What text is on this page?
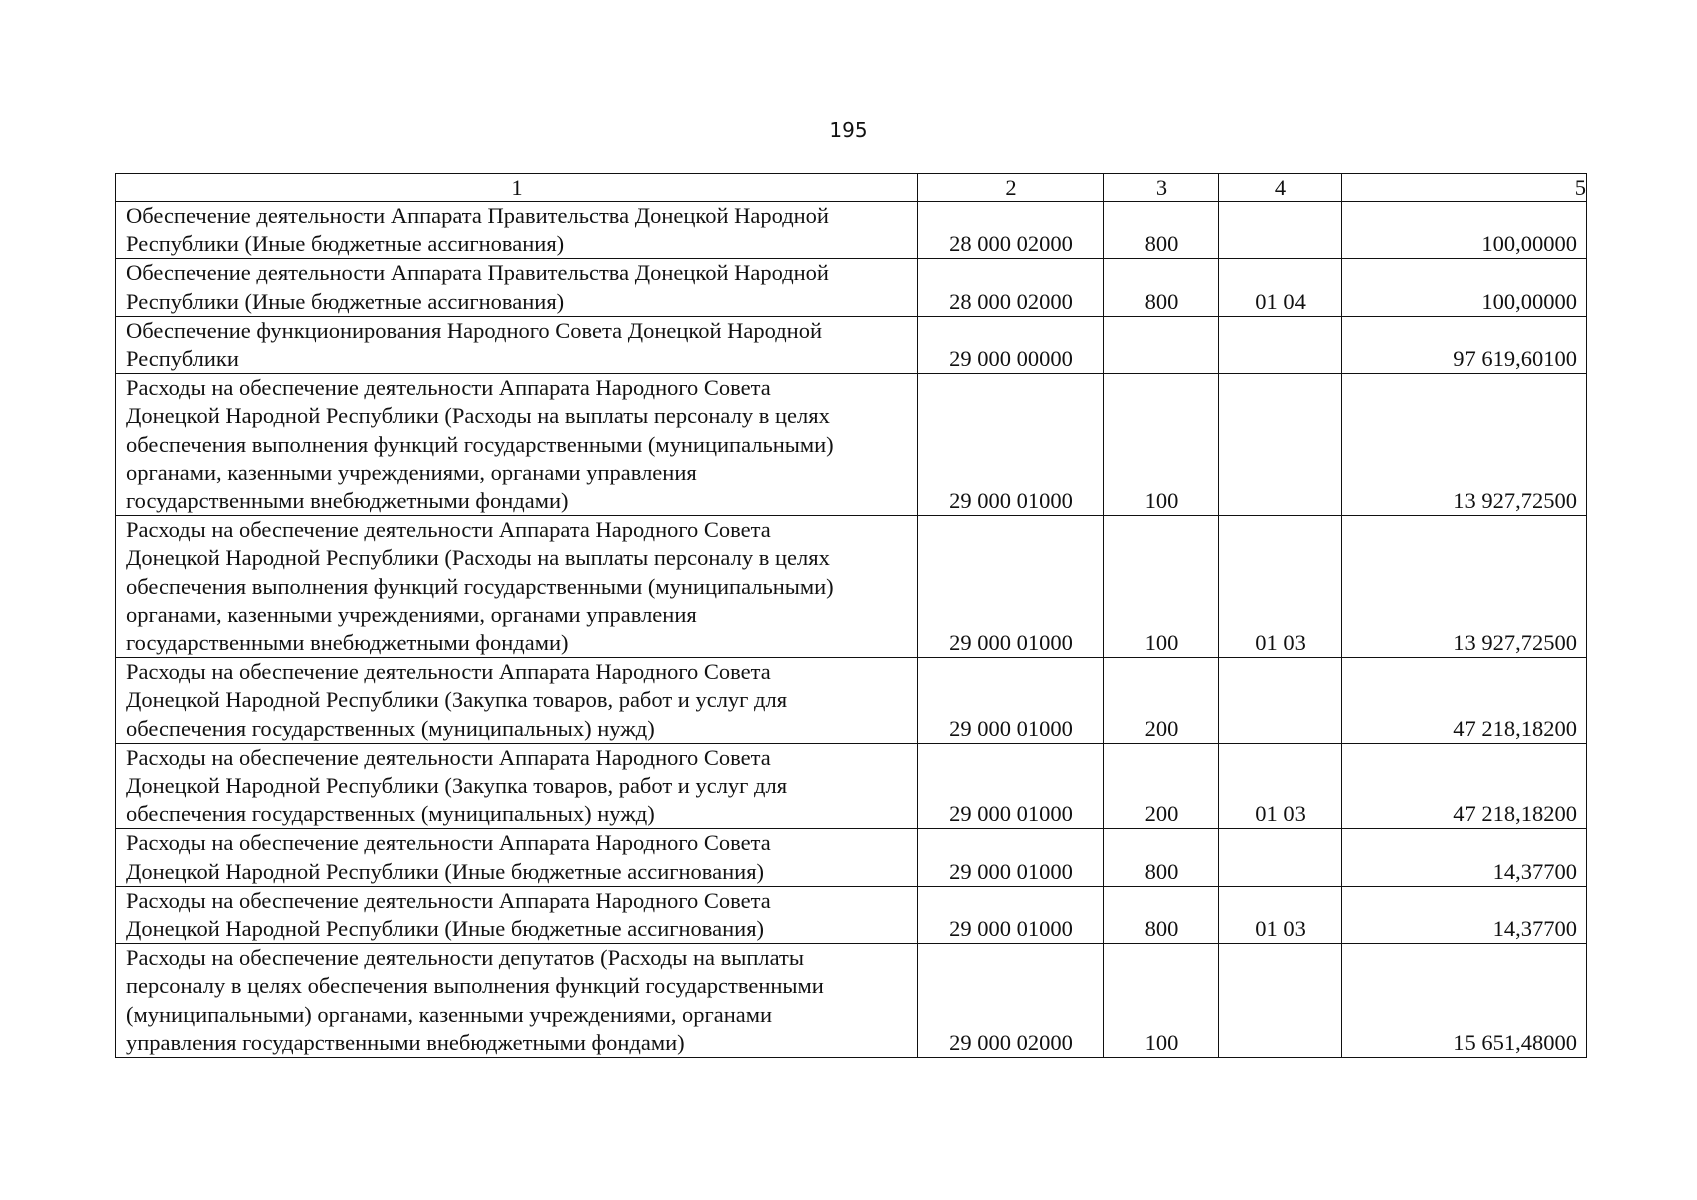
195
1	2	3	4	5

Обеспечение деятельности Аппарата Правительства Донецкой Народной
Республики (Иные бюджетные ассигнования)	28 000 02000	800		100,00000

Обеспечение деятельности Аппарата Правительства Донецкой Народной
Республики (Иные бюджетные ассигнования)	28 000 02000	800	01 04	100,00000

Обеспечение функционирования Народного Совета Донецкой Народной
Республики	29 000 00000			97 619,60100

Расходы на обеспечение деятельности Аппарата Народного Совета
Донецкой Народной Республики (Расходы на выплаты персоналу в целях
обеспечения выполнения функций государственными (муниципальными)
органами, казенными учреждениями, органами управления
государственными внебюджетными фондами)	29 000 01000	100		13 927,72500

Расходы на обеспечение деятельности Аппарата Народного Совета
Донецкой Народной Республики (Расходы на выплаты персоналу в целях
обеспечения выполнения функций государственными (муниципальными)
органами, казенными учреждениями, органами управления
государственными внебюджетными фондами)	29 000 01000	100	01 03	13 927,72500

Расходы на обеспечение деятельности Аппарата Народного Совета
Донецкой Народной Республики (Закупка товаров, работ и услуг для
обеспечения государственных (муниципальных) нужд)	29 000 01000	200		47 218,18200

Расходы на обеспечение деятельности Аппарата Народного Совета
Донецкой Народной Республики (Закупка товаров, работ и услуг для
обеспечения государственных (муниципальных) нужд)	29 000 01000	200	01 03	47 218,18200

Расходы на обеспечение деятельности Аппарата Народного Совета
Донецкой Народной Республики (Иные бюджетные ассигнования)	29 000 01000	800		14,37700

Расходы на обеспечение деятельности Аппарата Народного Совета
Донецкой Народной Республики (Иные бюджетные ассигнования)	29 000 01000	800	01 03	14,37700

Расходы на обеспечение деятельности депутатов (Расходы на выплаты
персоналу в целях обеспечения выполнения функций государственными
(муниципальными) органами, казенными учреждениями, органами
управления государственными внебюджетными фондами)	29 000 02000	100		15 651,48000
